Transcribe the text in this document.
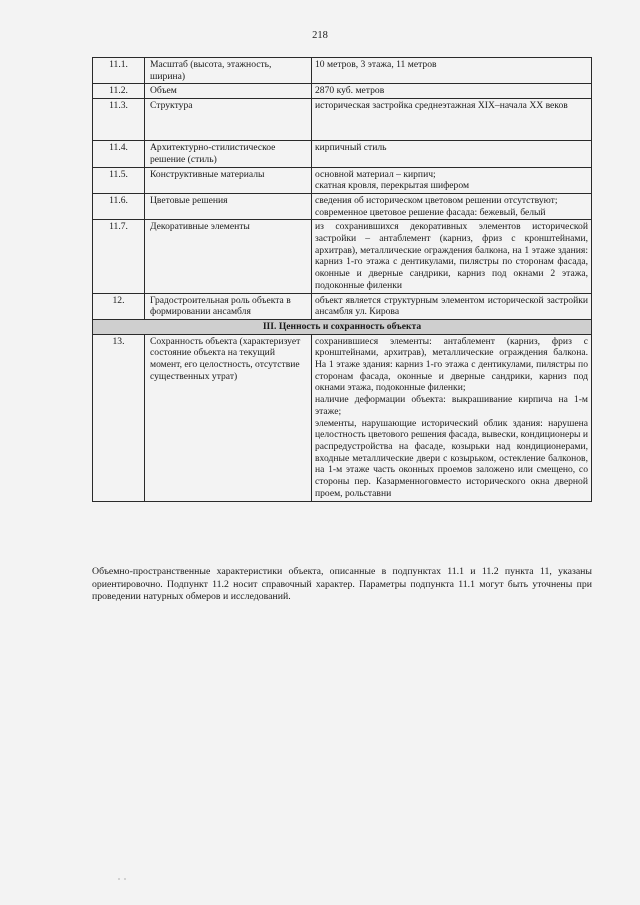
218
11.1.	Масштаб (высота, этажность, ширина)	10 метров, 3 этажа, 11 метров

11.2.	Объем	2870 куб. метров

11.3.	Структура	историческая застройка среднеэтажная XIX–начала XX веков

11.4.	Архитектурно-стилистическое решение (стиль)	кирпичный стиль

11.5.	Конструктивные материалы	основной материал – кирпич;
скатная кровля, перекрытая шифером

11.6.	Цветовые решения	сведения об историческом цветовом решении отсутствуют;
современное цветовое решение фасада: бежевый, белый

11.7.	Декоративные элементы	из сохранившихся декоративных элементов исторической застройки – антаблемент (карниз, фриз с кронштейнами, архитрав), металлические ограждения балкона, на 1 этаже здания: карниз 1-го этажа с дентикулами, пилястры по сторонам фасада, оконные и дверные сандрики, карниз под окнами 2 этажа, подоконные филенки

12.	Градостроительная роль объекта в формировании ансамбля	объект является структурным элементом исторической застройки ансамбля ул. Кирова

III. Ценность и сохранность объекта		
13.	Сохранность объекта (характеризует состояние объекта на текущий момент, его целостность, отсутствие существенных утрат)	сохранившиеся элементы: антаблемент (карниз, фриз с кронштейнами, архитрав), металлические ограждения балкона. На 1 этаже здания: карниз 1-го этажа с дентикулами, пилястры по сторонам фасада, оконные и дверные сандрики, карниз под окнами этажа, подоконные филенки;
наличие деформации объекта: выкрашивание кирпича на 1-м этаже;
элементы, нарушающие исторический облик здания: нарушена целостность цветового решения фасада, вывески, кондиционеры и распредустройства на фасаде, козырьки над кондиционерами, входные металлические двери с козырьком, остекление балконов, на 1-м этаже часть оконных проемов заложено или смещено, со стороны пер. Казарменноговместо исторического окна дверной проем, рольставни
Объемно-пространственные характеристики объекта, описанные в подпунктах 11.1 и 11.2 пункта 11, указаны ориентировочно. Подпункт 11.2 носит справочный характер. Параметры подпункта 11.1 могут быть уточнены при проведении натурных обмеров и исследований.
